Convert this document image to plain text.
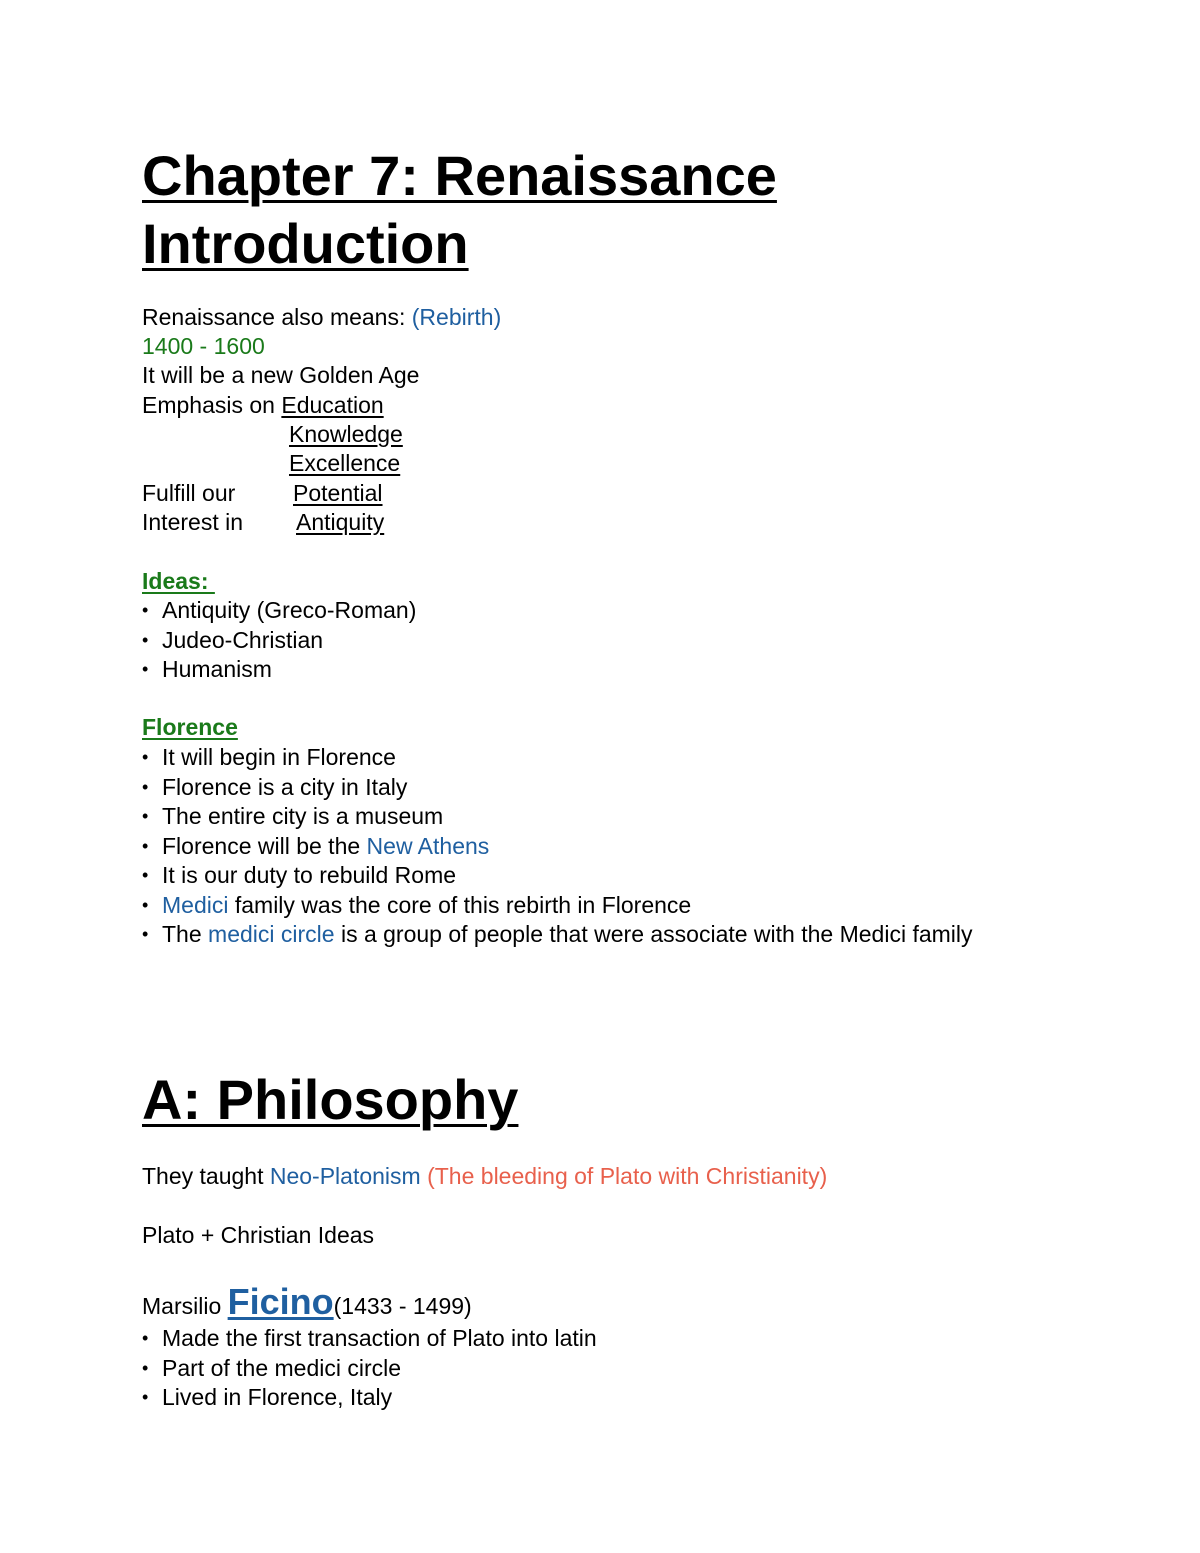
Chapter 7: Renaissance
Introduction
Renaissance also means: (Rebirth)
1400 - 1600
It will be a new Golden Age
Emphasis on Education
Knowledge
Excellence
Fulfill our	Potential
Interest in Antiquity
Ideas:
• Antiquity (Greco-Roman)
• Judeo-Christian
• Humanism
Florence
• It will begin in Florence
• Florence is a city in Italy
• The entire city is a museum
• Florence will be the New Athens
• It is our duty to rebuild Rome
• Medici family was the core of this rebirth in Florence
• The medici circle is a group of people that were associate with the Medici family
A: Philosophy
They taught Neo-Platonism (The bleeding of Plato with Christianity)
Plato + Christian Ideas
Marsilio Ficino(1433 - 1499)
• Made the first transaction of Plato into latin
• Part of the medici circle
• Lived in Florence, Italy
